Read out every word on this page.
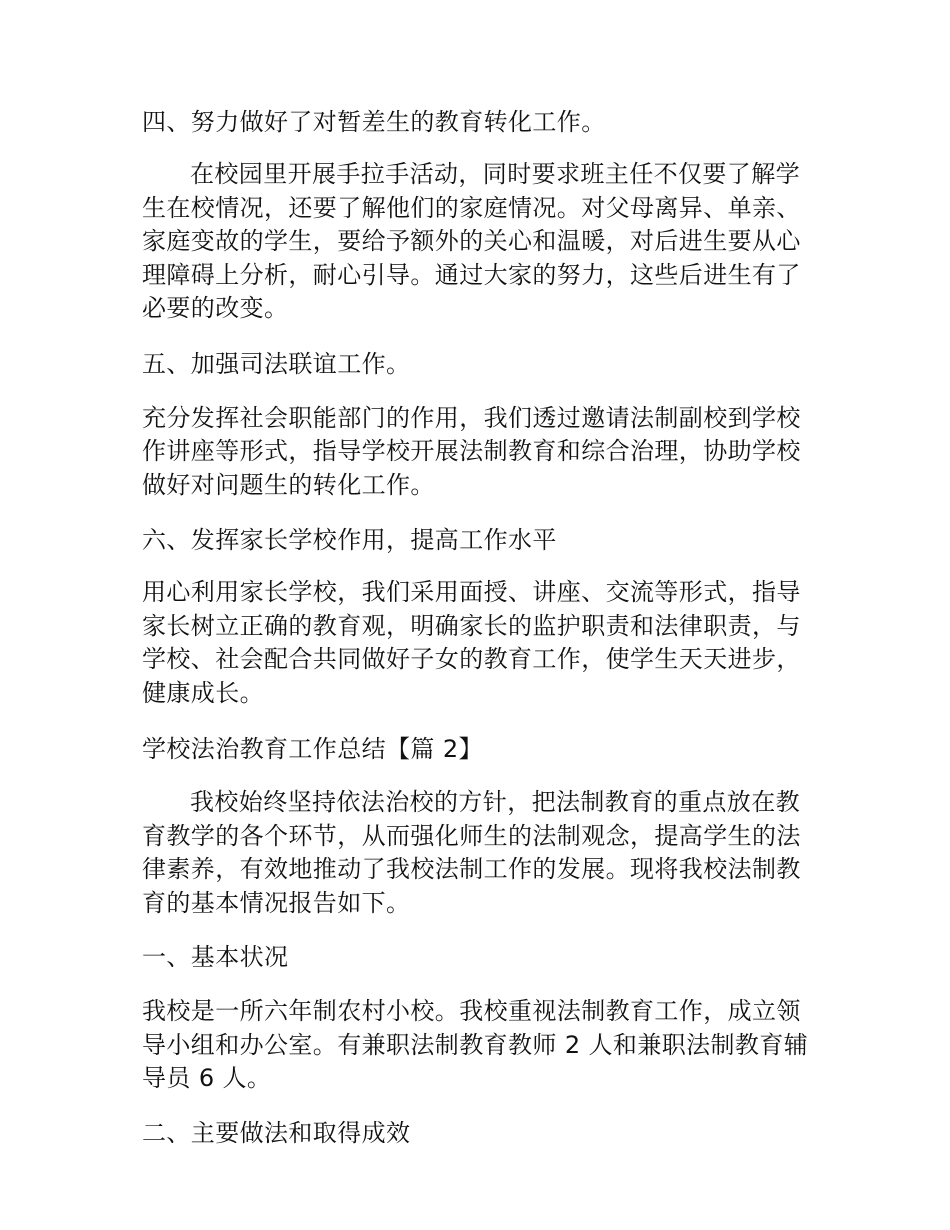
四、努力做好了对暂差生的教育转化工作。

在校园里开展手拉手活动，同时要求班主任不仅要了解学生在校情况，还要了解他们的家庭情况。对父母离异、单亲、家庭变故的学生，要给予额外的关心和温暖，对后进生要从心理障碍上分析，耐心引导。通过大家的努力，这些后进生有了必要的改变。

五、加强司法联谊工作。

充分发挥社会职能部门的作用，我们透过邀请法制副校到学校作讲座等形式，指导学校开展法制教育和综合治理，协助学校做好对问题生的转化工作。

六、发挥家长学校作用，提高工作水平

用心利用家长学校，我们采用面授、讲座、交流等形式，指导家长树立正确的教育观，明确家长的监护职责和法律职责，与学校、社会配合共同做好子女的教育工作，使学生天天进步，健康成长。

学校法治教育工作总结【篇 2】

我校始终坚持依法治校的方针，把法制教育的重点放在教育教学的各个环节，从而强化师生的法制观念，提高学生的法律素养，有效地推动了我校法制工作的发展。现将我校法制教育的基本情况报告如下。

一、基本状况

我校是一所六年制农村小校。我校重视法制教育工作，成立领导小组和办公室。有兼职法制教育教师 2 人和兼职法制教育辅导员 6 人。

二、主要做法和取得成效
